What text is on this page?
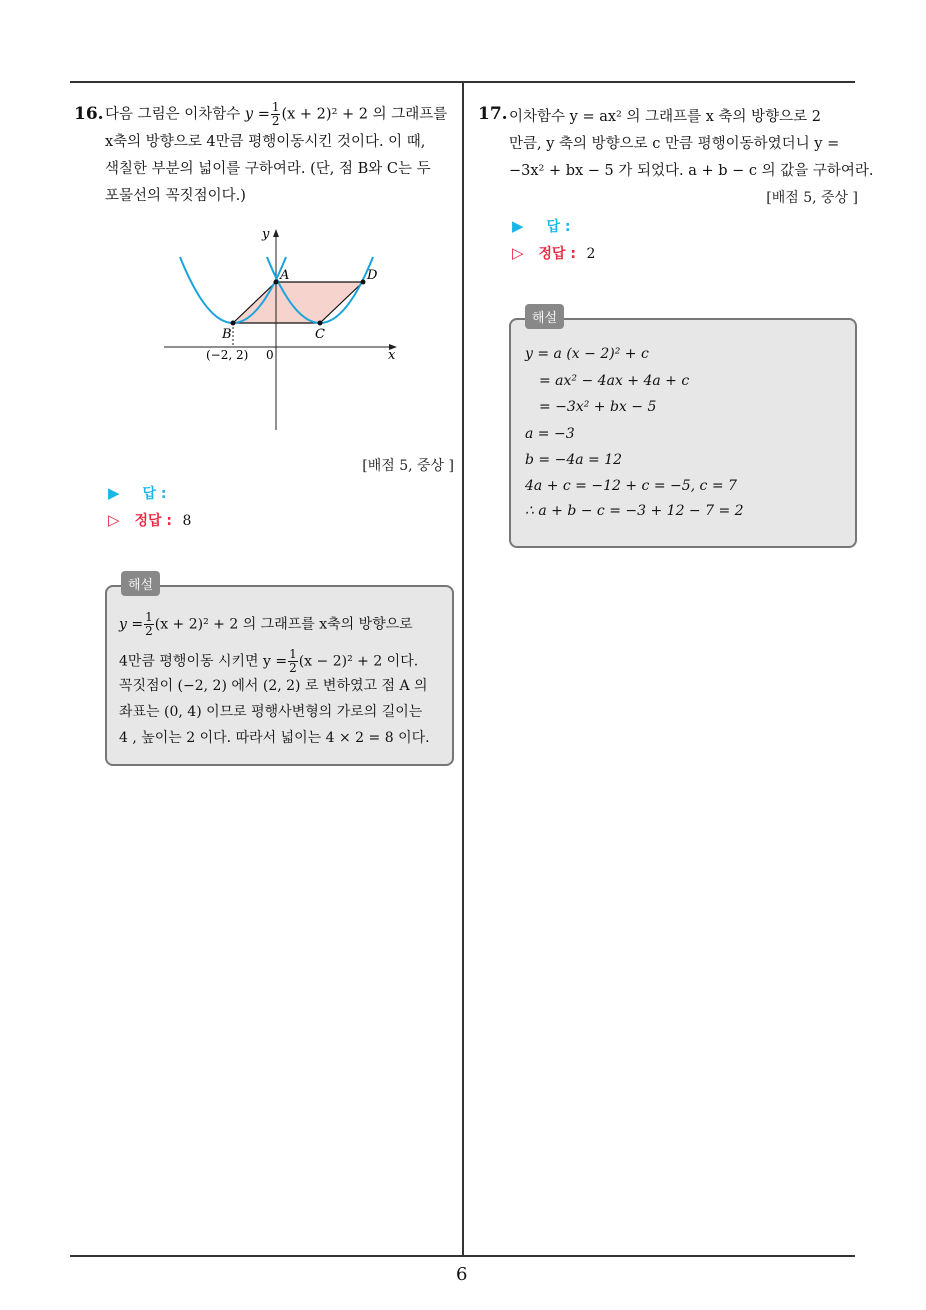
6
16. 다음 그림은 이차함수 $y = \frac{1}{2} (x + 2)^2 + 2$ 의 그래프를
x축의 방향으로 4만큼 평행이동시킨 것이다. 이 때,
색칠한 부분의 넓이를 구하여라. (단, 점 B와 C는 두
포물선의 꼭짓점이다.)
y
x
0
A
B	C
D
(−2, 2)
[배점 5, 중상 ]
▶ 답 :
▷ 정답 : 8
해설
$y = \frac{1}{2} (x + 2)^2 + 2$ 의 그래프를 x축의 방향으로
4만큼 평행이동 시키면 $y = \frac{1}{2} (x - 2)^2 + 2$ 이다.
꼭짓점이 (−2, 2) 에서 (2, 2) 로 변하였고 점 A 의
좌표는 (0, 4) 이므로 평행사변형의 가로의 길이는
4 , 높이는 2 이다. 따라서 넓이는 4 × 2 = 8 이다.
17. 이차함수 y = ax² 의 그래프를 x 축의 방향으로 2
만큼, y 축의 방향으로 c 만큼 평행이동하였더니 y =
−3x² + bx − 5 가 되었다. a + b − c 의 값을 구하여라.
[배점 5, 중상 ]
▶ 답 :
▷ 정답 : 2
해설
y = a (x − 2)² + c
= ax² − 4ax + 4a + c
= −3x² + bx − 5
a = −3
b = −4a = 12
4a + c = −12 + c = −5, c = 7
∴ a + b − c = −3 + 12 − 7 = 2
